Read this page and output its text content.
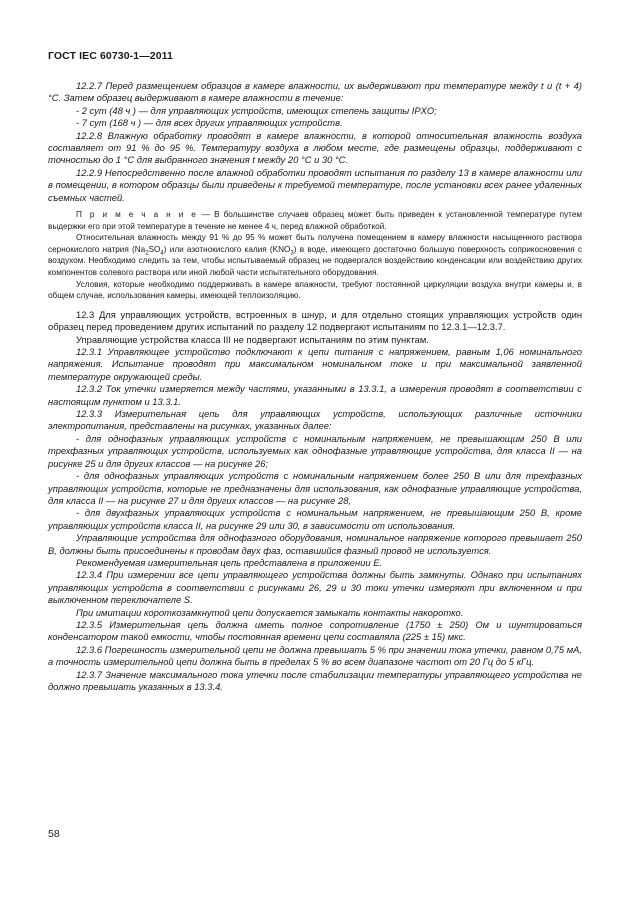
ГОСТ IEC 60730-1—2011

12.2.7 Перед размещением образцов в камере влажности, их выдерживают при температуре между t и (t + 4)°С. Затем образец выдерживают в камере влажности в течение:

- 2 сут (48 ч ) — для управляющих устройств, имеющих степень защиты IPXO;

- 7 сут (168 ч ) — для всех других управляющих устройств.

12.2.8 Влажную обработку проводят в камере влажности, в которой относительная влажность воздуха составляет от 91 % до 95 %. Температуру воздуха в любом месте, где размещены образцы, поддерживают с точностью до 1 °С для выбранного значения t между 20 °С и 30 °С.

12.2.9 Непосредственно после влажной обработки проводят испытания по разделу 13 в камере влажности или в помещении, в котором образцы были приведены к требуемой температуре, после установки всех ранее удаленных съемных частей.

П р и м е ч а н и е — В большинстве случаев образец может быть приведен к установленной температуре путем выдержки его при этой температуре в течение не менее 4 ч, перед влажной обработкой.

Относительная влажность между 91 % до 95 % может быть получена помещением в камеру влажности насыщенного раствора сернокислого натрия $(Na_2SO_4)$ или азотнокислого калия $(KNO_3)$ в воде, имеющего достаточно большую поверхность соприкосновения с воздухом. Необходимо следить за тем, чтобы испытываемый образец не подвергался воздействию конденсации или воздействию других компонентов солевого раствора или иной любой части испытательного оборудования.

Условия, которые необходимо поддерживать в камере влажности, требуют постоянной циркуляции воздуха внутри камеры и, в общем случае, использования камеры, имеющей теплоизоляцию.

12.3 Для управляющих устройств, встроенных в шнур, и для отдельно стоящих управляющих устройств один образец перед проведением других испытаний по разделу 12 подвергают испытаниям по 12.3.1—12.3.7.

Управляющие устройства класса III не подвергают испытаниям по этим пунктам.

12.3.1 Управляющее устройство подключают к цепи питания с напряжением, равным 1,06 номинального напряжения. Испытание проводят при максимальном номинальном токе и при максимальной заявленной температуре окружающей среды.

12.3.2 Ток утечки измеряется между частями, указанными в 13.3.1, а измерения проводят в соответствии с настоящим пунктом и 13.3.1.

12.3.3 Измерительная цепь для управляющих устройств, использующих различные источники электропитания, представлены на рисунках, указанных далее:

- для однофазных управляющих устройств с номинальным напряжением, не превышающим 250 В или трехфазных управляющих устройств, используемых как однофазные управляющие устройства, для класса II — на рисунке 25 и для других классов — на рисунке 26;

- для однофазных управляющих устройств с номинальным напряжением более 250 В или для трехфазных управляющих устройств, которые не предназначены для использования, как однофазные управляющие устройства, для класса II — на рисунке 27 и для других классов — на рисунке 28,

- для двухфазных управляющих устройств с номинальным напряжением, не превышающим 250 В, кроме управляющих устройств класса II, на рисунке 29 или 30, в зависимости от использования.

Управляющие устройства для однофазного оборудования, номинальное напряжение которого превышает 250 В, должны быть присоединены к проводам двух фаз, оставшийся фазный провод не используется.

Рекомендуемая измерительная цепь представлена в приложении Е.

12.3.4 При измерении все цепи управляющего устройства должны быть замкнуты. Однако при испытаниях управляющих устройств в соответствии с рисунками 26, 29 и 30 токи утечки измеряют при включенном и при выключенном переключателе S.

При имитации короткозамкнутой цепи допускается замыкать контакты накоротко.

12.3.5 Измерительная цепь должна иметь полное сопротивление (1750 ± 250) Ом и шунтироваться конденсатором такой емкости, чтобы постоянная времени цепи составляла (225 ± 15) мкс.

12.3.6 Погрешность измерительной цепи не должна превышать 5 % при значении тока утечки, равном 0,75 мА, а точность измерительной цепи должна быть в пределах 5 % во всем диапазоне частот от 20 Гц до 5 кГц.

12.3.7 Значение максимального тока утечки после стабилизации температуры управляющего устройства не должно превышать указанных в 13.3.4.

58
